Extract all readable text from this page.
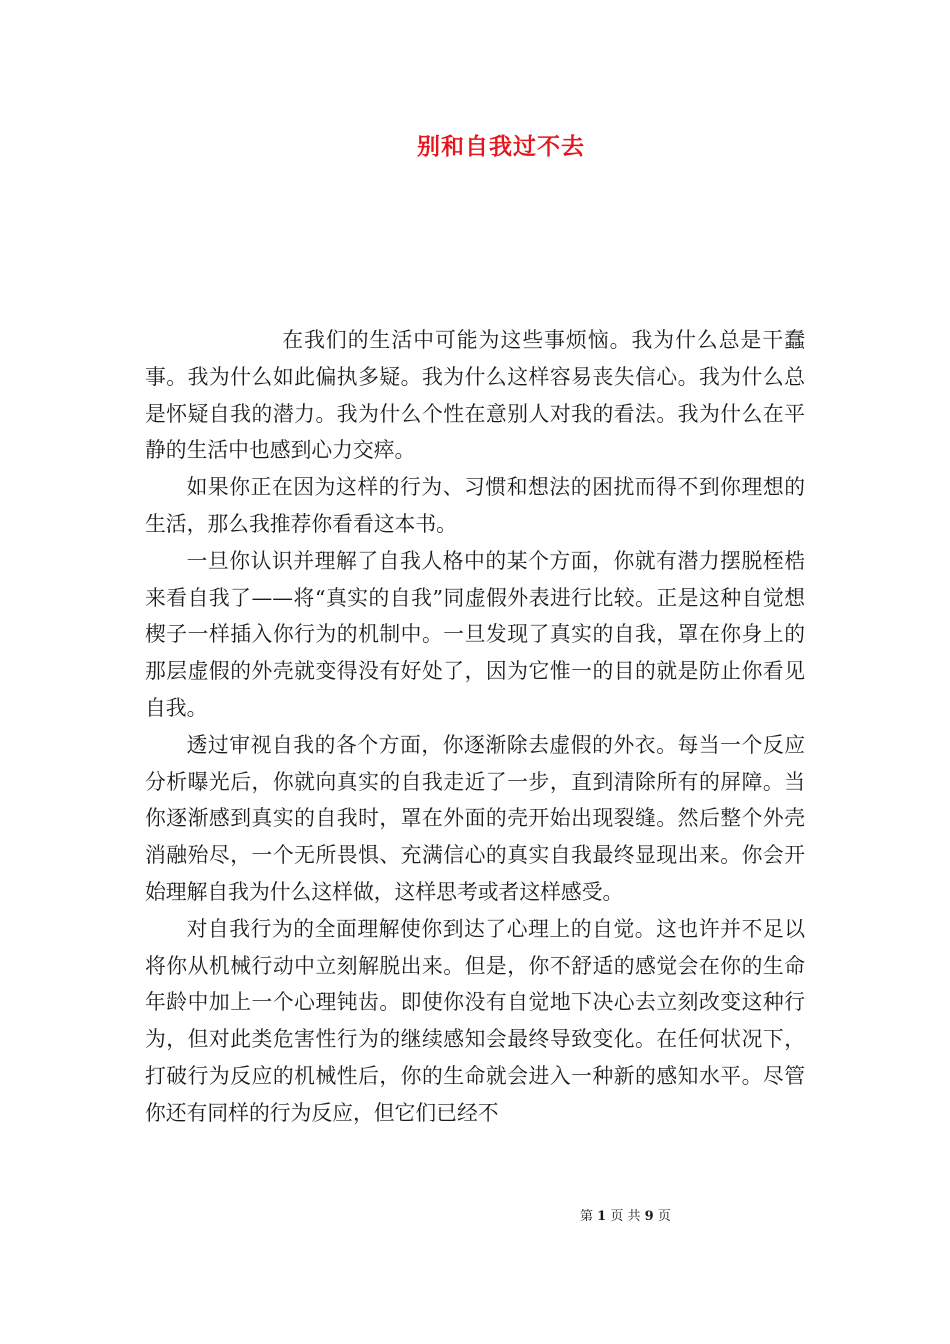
别和自我过不去

在我们的生活中可能为这些事烦恼。我为什么总是干蠢事。我为什么如此偏执多疑。我为什么这样容易丧失信心。我为什么总是怀疑自我的潜力。我为什么个性在意别人对我的看法。我为什么在平静的生活中也感到心力交瘁。

如果你正在因为这样的行为、习惯和想法的困扰而得不到你理想的生活，那么我推荐你看看这本书。

一旦你认识并理解了自我人格中的某个方面，你就有潜力摆脱桎梏来看自我了——将“真实的自我”同虚假外表进行比较。正是这种自觉想楔子一样插入你行为的机制中。一旦发现了真实的自我，罩在你身上的那层虚假的外壳就变得没有好处了，因为它惟一的目的就是防止你看见自我。

透过审视自我的各个方面，你逐渐除去虚假的外衣。每当一个反应分析曝光后，你就向真实的自我走近了一步，直到清除所有的屏障。当你逐渐感到真实的自我时，罩在外面的壳开始出现裂缝。然后整个外壳消融殆尽，一个无所畏惧、充满信心的真实自我最终显现出来。你会开始理解自我为什么这样做，这样思考或者这样感受。

对自我行为的全面理解使你到达了心理上的自觉。这也许并不足以将你从机械行动中立刻解脱出来。但是，你不舒适的感觉会在你的生命年龄中加上一个心理钝齿。即使你没有自觉地下决心去立刻改变这种行为，但对此类危害性行为的继续感知会最终导致变化。在任何状况下，打破行为反应的机械性后，你的生命就会进入一种新的感知水平。尽管你还有同样的行为反应，但它们已经不

第 1 页 共 9 页
